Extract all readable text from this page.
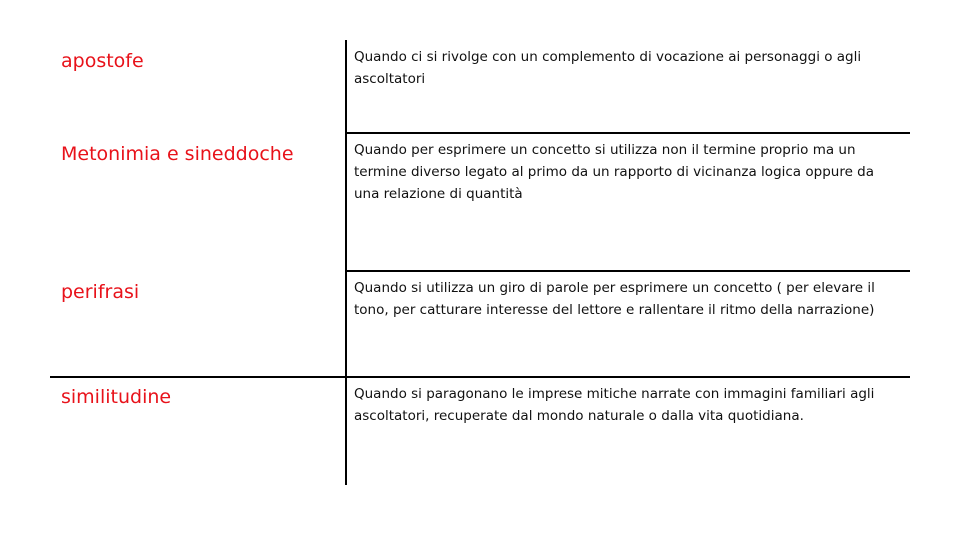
apostofe	Quando ci si rivolge con un complemento di vocazione ai personaggi o agli ascoltatori
Metonimia e sineddoche	Quando per esprimere un concetto si utilizza non il termine proprio ma un termine diverso legato al primo da un rapporto di vicinanza logica oppure da una relazione di quantità
perifrasi	Quando si utilizza un giro di parole per esprimere un concetto ( per elevare il tono, per catturare interesse del lettore e rallentare il ritmo della narrazione)
similitudine	Quando si paragonano le imprese mitiche narrate con immagini familiari agli ascoltatori, recuperate dal mondo naturale o dalla vita quotidiana.
